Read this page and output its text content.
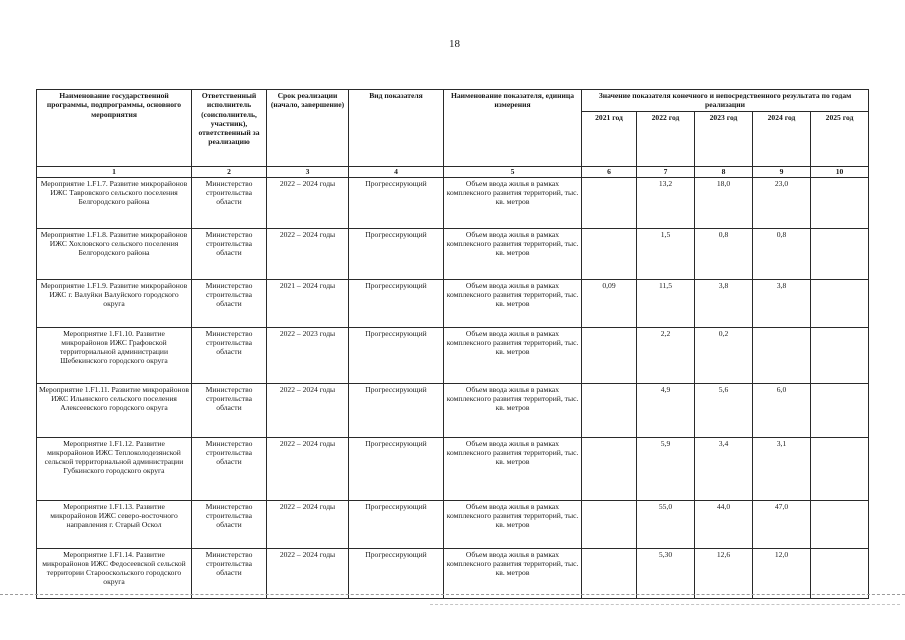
18
Наименование государственной программы, подпрограммы, основного мероприятия	Ответственный исполнитель (соисполнитель, участник), ответственный за реализацию	Срок реализации (начало, завершение)	Вид показателя	Наименование показателя, единица измерения	Значение показателя конечного и непосредственного результата по годам реализации				
					2021 год	2022 год	2023 год	2024 год	2025 год
1	2	3	4	5	6	7	8	9	10
Мероприятие 1.F1.7. Развитие микрорайонов ИЖС Тавровского сельского поселения Белгородского района	Министерство строительства области	2022 – 2024 годы	Прогрессирующий	Объем ввода жилья в рамках комплексного развития территорий, тыс. кв. метров		13,2	18,0	23,0	
Мероприятие 1.F1.8. Развитие микрорайонов ИЖС Хохловского сельского поселения Белгородского района	Министерство строительства области	2022 – 2024 годы	Прогрессирующий	Объем ввода жилья в рамках комплексного развития территорий, тыс. кв. метров		1,5	0,8	0,8	
Мероприятие 1.F1.9. Развитие микрорайонов ИЖС г. Валуйки Валуйского городского округа	Министерство строительства области	2021 – 2024 годы	Прогрессирующий	Объем ввода жилья в рамках комплексного развития территорий, тыс. кв. метров	0,09	11,5	3,8	3,8	
Мероприятие 1.F1.10. Развитие микрорайонов ИЖС Графовской территориальной администрации Шебекинского городского округа	Министерство строительства области	2022 – 2023 годы	Прогрессирующий	Объем ввода жилья в рамках комплексного развития территорий, тыс. кв. метров		2,2	0,2		
Мероприятие 1.F1.11. Развитие микрорайонов ИЖС Ильинского сельского поселения Алексеевского городского округа	Министерство строительства области	2022 – 2024 годы	Прогрессирующий	Объем ввода жилья в рамках комплексного развития территорий, тыс. кв. метров		4,9	5,6	6,0	
Мероприятие 1.F1.12. Развитие микрорайонов ИЖС Теплоколодезянской сельской территориальной администрации Губкинского городского округа	Министерство строительства области	2022 – 2024 годы	Прогрессирующий	Объем ввода жилья в рамках комплексного развития территорий, тыс. кв. метров		5,9	3,4	3,1	
Мероприятие 1.F1.13. Развитие микрорайонов ИЖС северо-восточного направления г. Старый Оскол	Министерство строительства области	2022 – 2024 годы	Прогрессирующий	Объем ввода жилья в рамках комплексного развития территорий, тыс. кв. метров		55,0	44,0	47,0	
Мероприятие 1.F1.14. Развитие микрорайонов ИЖС Федосеевской сельской территории Старооскольского городского округа	Министерство строительства области	2022 – 2024 годы	Прогрессирующий	Объем ввода жилья в рамках комплексного развития территорий, тыс. кв. метров		5,30	12,6	12,0	
